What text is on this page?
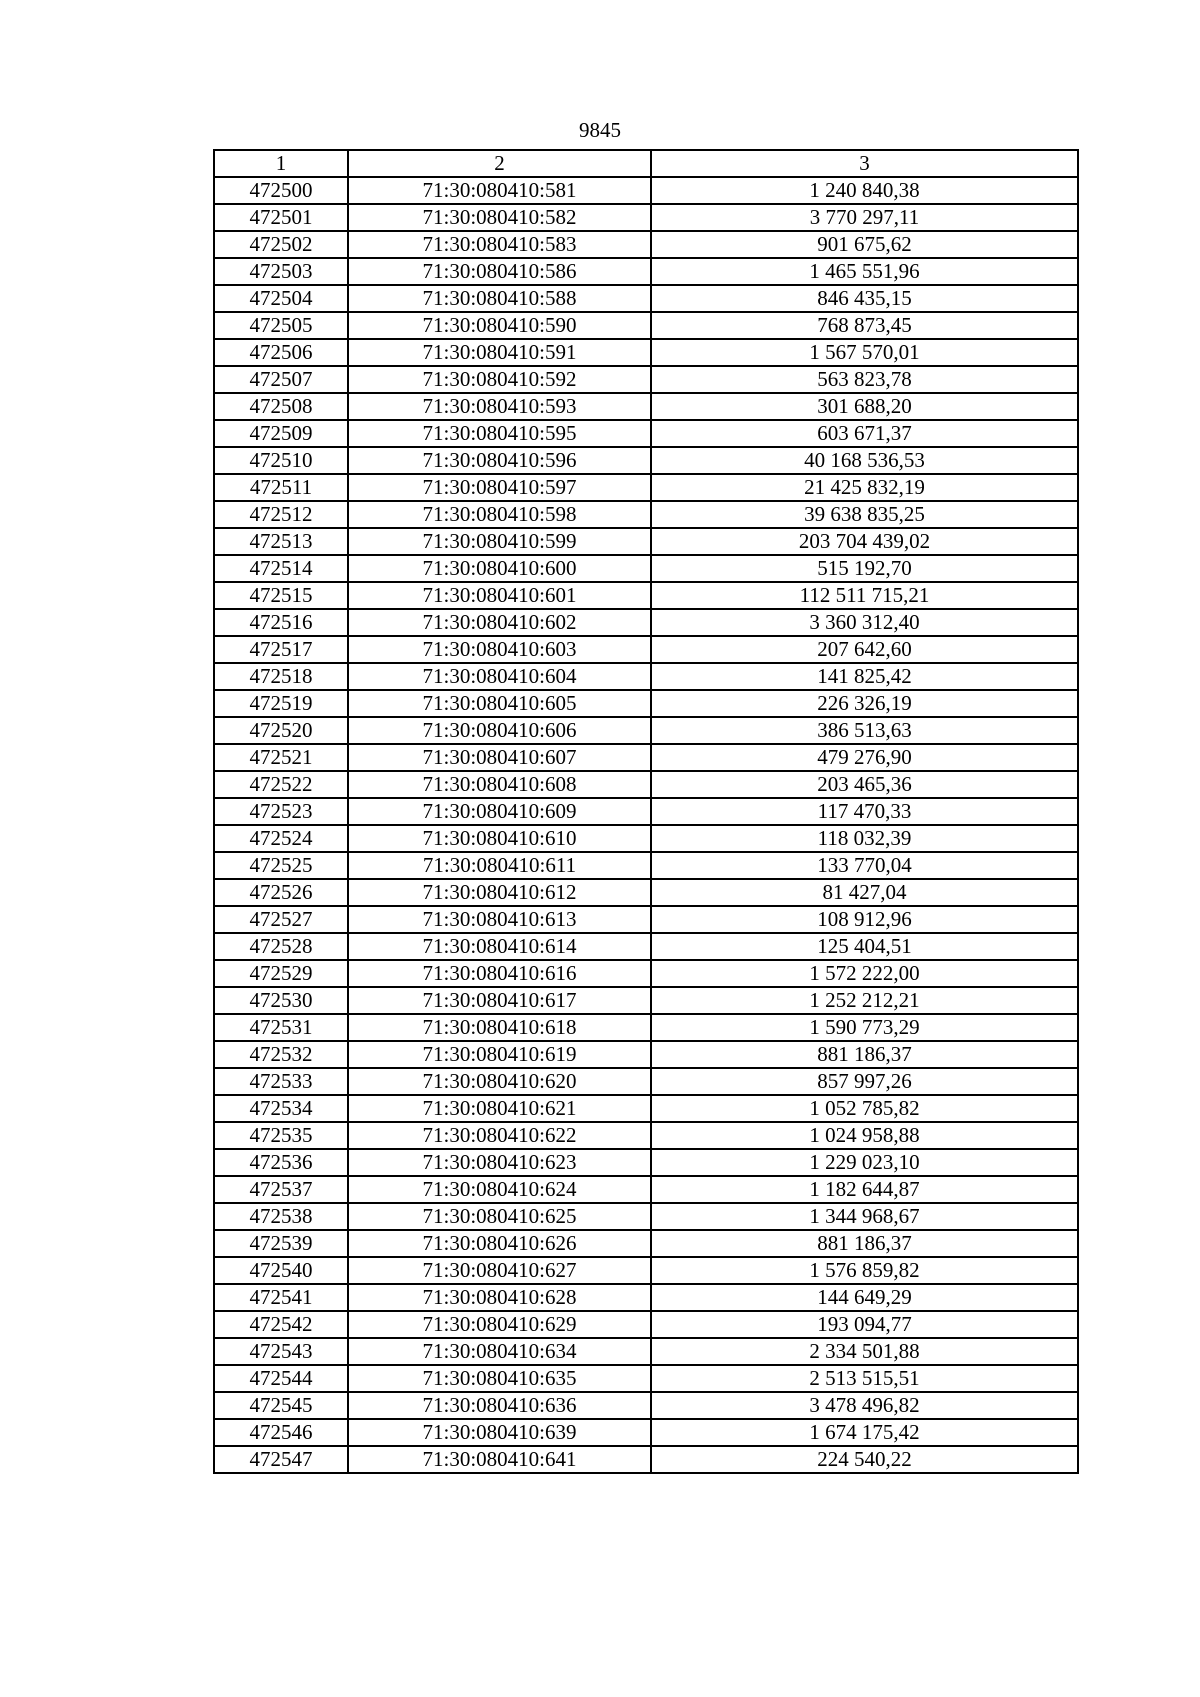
9845
1	2	3
472500	71:30:080410:581	1 240 840,38
472501	71:30:080410:582	3 770 297,11
472502	71:30:080410:583	901 675,62
472503	71:30:080410:586	1 465 551,96
472504	71:30:080410:588	846 435,15
472505	71:30:080410:590	768 873,45
472506	71:30:080410:591	1 567 570,01
472507	71:30:080410:592	563 823,78
472508	71:30:080410:593	301 688,20
472509	71:30:080410:595	603 671,37
472510	71:30:080410:596	40 168 536,53
472511	71:30:080410:597	21 425 832,19
472512	71:30:080410:598	39 638 835,25
472513	71:30:080410:599	203 704 439,02
472514	71:30:080410:600	515 192,70
472515	71:30:080410:601	112 511 715,21
472516	71:30:080410:602	3 360 312,40
472517	71:30:080410:603	207 642,60
472518	71:30:080410:604	141 825,42
472519	71:30:080410:605	226 326,19
472520	71:30:080410:606	386 513,63
472521	71:30:080410:607	479 276,90
472522	71:30:080410:608	203 465,36
472523	71:30:080410:609	117 470,33
472524	71:30:080410:610	118 032,39
472525	71:30:080410:611	133 770,04
472526	71:30:080410:612	81 427,04
472527	71:30:080410:613	108 912,96
472528	71:30:080410:614	125 404,51
472529	71:30:080410:616	1 572 222,00
472530	71:30:080410:617	1 252 212,21
472531	71:30:080410:618	1 590 773,29
472532	71:30:080410:619	881 186,37
472533	71:30:080410:620	857 997,26
472534	71:30:080410:621	1 052 785,82
472535	71:30:080410:622	1 024 958,88
472536	71:30:080410:623	1 229 023,10
472537	71:30:080410:624	1 182 644,87
472538	71:30:080410:625	1 344 968,67
472539	71:30:080410:626	881 186,37
472540	71:30:080410:627	1 576 859,82
472541	71:30:080410:628	144 649,29
472542	71:30:080410:629	193 094,77
472543	71:30:080410:634	2 334 501,88
472544	71:30:080410:635	2 513 515,51
472545	71:30:080410:636	3 478 496,82
472546	71:30:080410:639	1 674 175,42
472547	71:30:080410:641	224 540,22
